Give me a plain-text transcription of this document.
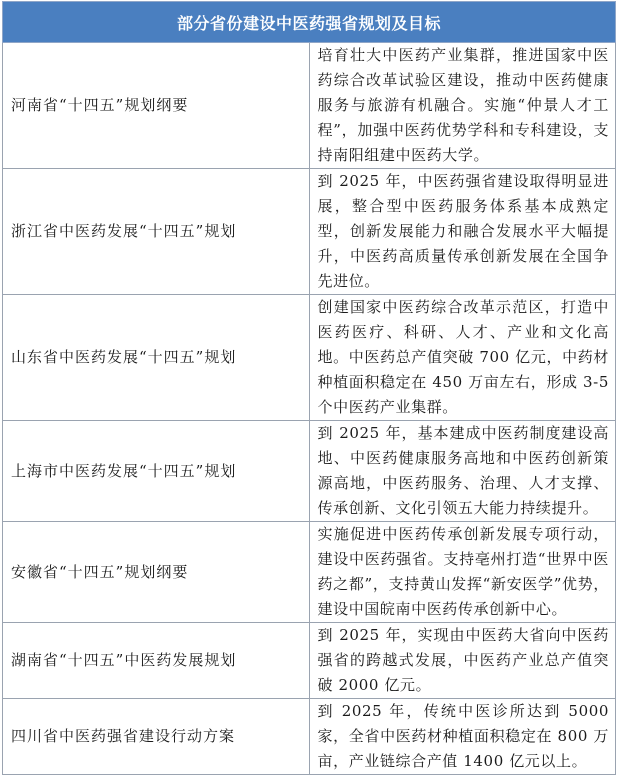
部分省份建设中医药强省规划及目标	
河南省“十四五”规划纲要	培育壮大中医药产业集群，推进国家中医药综合改革试验区建设，推动中医药健康服务与旅游有机融合。实施“仲景人才工程”，加强中医药优势学科和专科建设，支持南阳组建中医药大学。
浙江省中医药发展“十四五”规划	到 2025 年，中医药强省建设取得明显进展，整合型中医药服务体系基本成熟定型，创新发展能力和融合发展水平大幅提升，中医药高质量传承创新发展在全国争先进位。
山东省中医药发展“十四五”规划	创建国家中医药综合改革示范区，打造中医药医疗、科研、人才、产业和文化高地。中医药总产值突破 700 亿元，中药材种植面积稳定在 450 万亩左右，形成 3-5 个中医药产业集群。
上海市中医药发展“十四五”规划	到 2025 年，基本建成中医药制度建设高地、中医药健康服务高地和中医药创新策源高地，中医药服务、治理、人才支撑、传承创新、文化引领五大能力持续提升。
安徽省“十四五”规划纲要	实施促进中医药传承创新发展专项行动，建设中医药强省。支持亳州打造“世界中医药之都”，支持黄山发挥“新安医学”优势，建设中国皖南中医药传承创新中心。
湖南省“十四五”中医药发展规划	到 2025 年，实现由中医药大省向中医药强省的跨越式发展，中医药产业总产值突破 2000 亿元。
四川省中医药强省建设行动方案	到 2025 年，传统中医诊所达到 5000 家，全省中医药材种植面积稳定在 800 万亩，产业链综合产值 1400 亿元以上。
